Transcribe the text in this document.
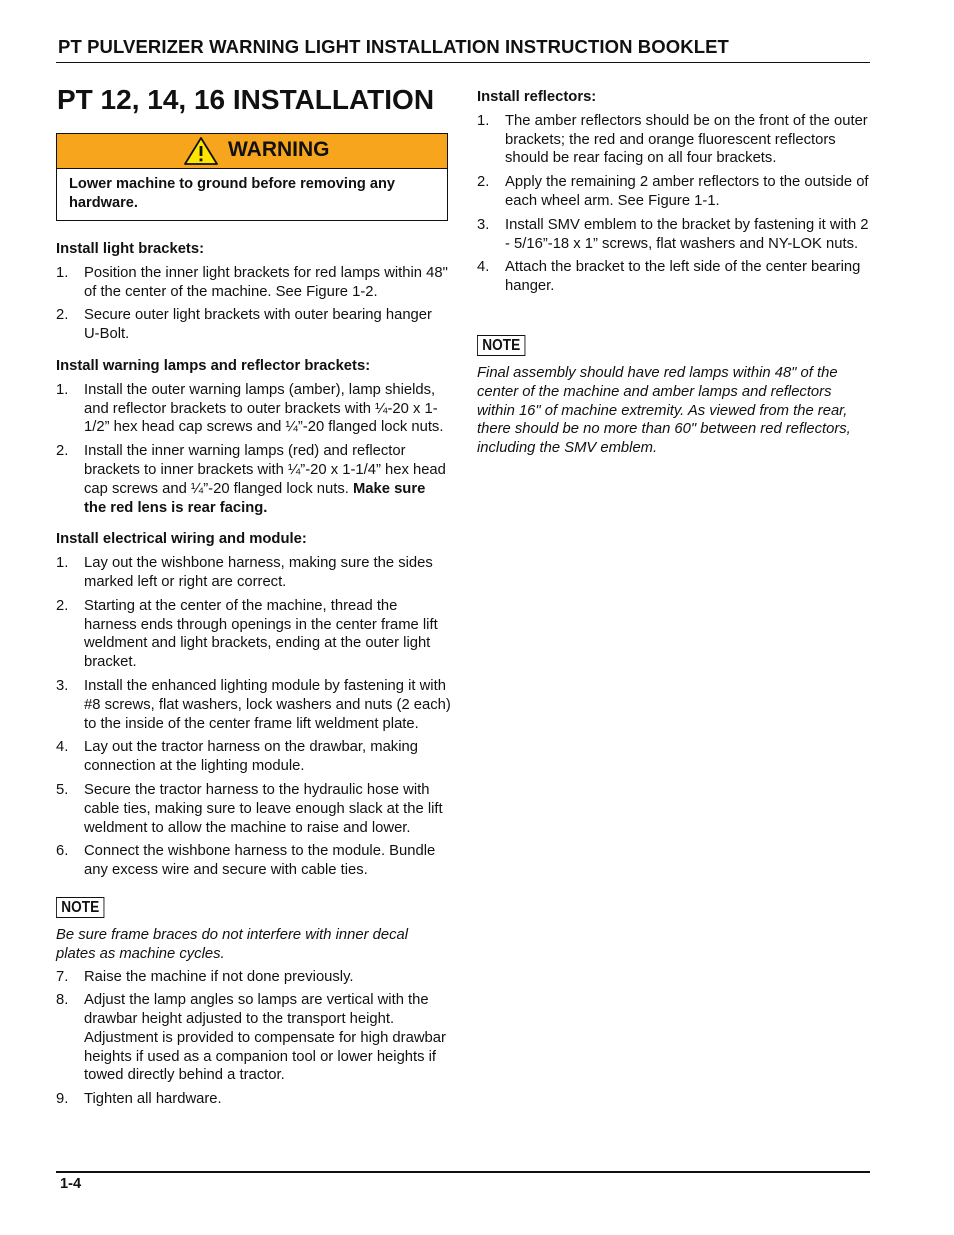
PT PULVERIZER WARNING LIGHT INSTALLATION INSTRUCTION BOOKLET
PT 12, 14, 16 INSTALLATION
WARNING
Lower machine to ground before removing any hardware.
Install light brackets:
1. Position the inner light brackets for red lamps within 48" of the center of the machine. See Figure 1-2.
2. Secure outer light brackets with outer bearing hanger U-Bolt.
Install warning lamps and reflector brackets:
1. Install the outer warning lamps (amber), lamp shields, and reflector brackets to outer brackets with ¼-20 x 1-1/2” hex head cap screws and ¼”-20 flanged lock nuts.
2. Install the inner warning lamps (red) and reflector brackets to inner brackets with ¼”-20 x 1-1/4” hex head cap screws and ¼”-20 flanged lock nuts. Make sure the red lens is rear facing.
Install electrical wiring and module:
1. Lay out the wishbone harness, making sure the sides marked left or right are correct.
2. Starting at the center of the machine, thread the harness ends through openings in the center frame lift weldment and light brackets, ending at the outer light bracket.
3. Install the enhanced lighting module by fastening it with #8 screws, flat washers, lock washers and nuts (2 each) to the inside of the center frame lift weldment plate.
4. Lay out the tractor harness on the drawbar, making connection at the lighting module.
5. Secure the tractor harness to the hydraulic hose with cable ties, making sure to leave enough slack at the lift weldment to allow the machine to raise and lower.
6. Connect the wishbone harness to the module. Bundle any excess wire and secure with cable ties.
NOTE
Be sure frame braces do not interfere with inner decal plates as machine cycles.
7. Raise the machine if not done previously.
8. Adjust the lamp angles so lamps are vertical with the drawbar height adjusted to the transport height. Adjustment is provided to compensate for high drawbar heights if used as a companion tool or lower heights if towed directly behind a tractor.
9. Tighten all hardware.
Install reflectors:
1. The amber reflectors should be on the front of the outer brackets; the red and orange fluorescent reflectors should be rear facing on all four brackets.
2. Apply the remaining 2 amber reflectors to the outside of each wheel arm. See Figure 1-1.
3. Install SMV emblem to the bracket by fastening it with 2 - 5/16”-18 x 1” screws, flat washers and NY-LOK nuts.
4. Attach the bracket to the left side of the center bearing hanger.
NOTE
Final assembly should have red lamps within 48" of the center of the machine and amber lamps and reflectors within 16" of machine extremity. As viewed from the rear, there should be no more than 60" between red reflectors, including the SMV emblem.
1-4
